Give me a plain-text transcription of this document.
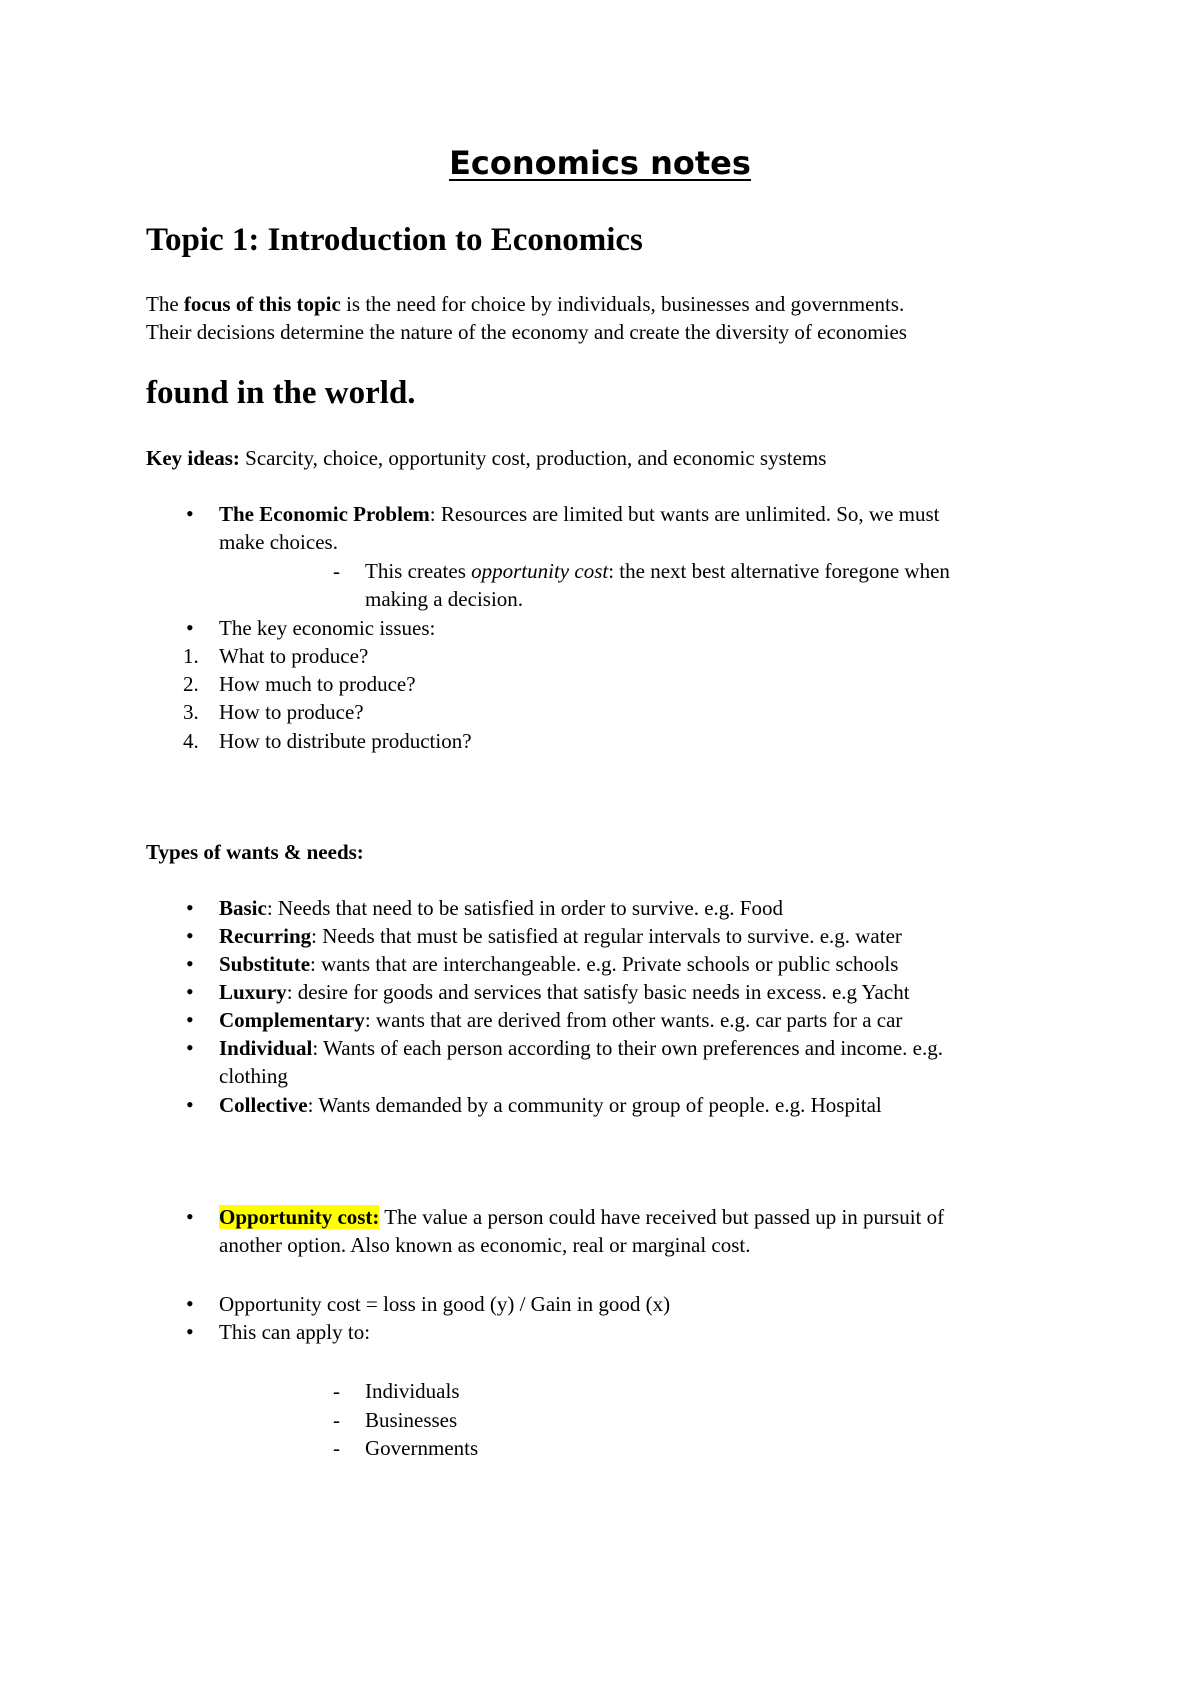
Economics notes
Topic 1: Introduction to Economics
The focus of this topic is the need for choice by individuals, businesses and governments.
Their decisions determine the nature of the economy and create the diversity of economies
found in the world.
Key ideas: Scarcity, choice, opportunity cost, production, and economic systems
•
The Economic Problem: Resources are limited but wants are unlimited. So, we must
make choices.
- This creates opportunity cost: the next best alternative foregone when
making a decision.
•
The key economic issues:
1. What to produce?
2. How much to produce?
3. How to produce?
4. How to distribute production?
Types of wants & needs:
•
Basic: Needs that need to be satisfied in order to survive. e.g. Food
•
Recurring: Needs that must be satisfied at regular intervals to survive. e.g. water
•
Substitute: wants that are interchangeable. e.g. Private schools or public schools
•
Luxury: desire for goods and services that satisfy basic needs in excess. e.g Yacht
•
Complementary: wants that are derived from other wants. e.g. car parts for a car
•
Individual: Wants of each person according to their own preferences and income. e.g.
clothing
•
Collective: Wants demanded by a community or group of people. e.g. Hospital
•
Opportunity cost: The value a person could have received but passed up in pursuit of
another option. Also known as economic, real or marginal cost.
•
Opportunity cost = loss in good (y) / Gain in good (x)
•
This can apply to:
- Individuals
- Businesses
- Governments
